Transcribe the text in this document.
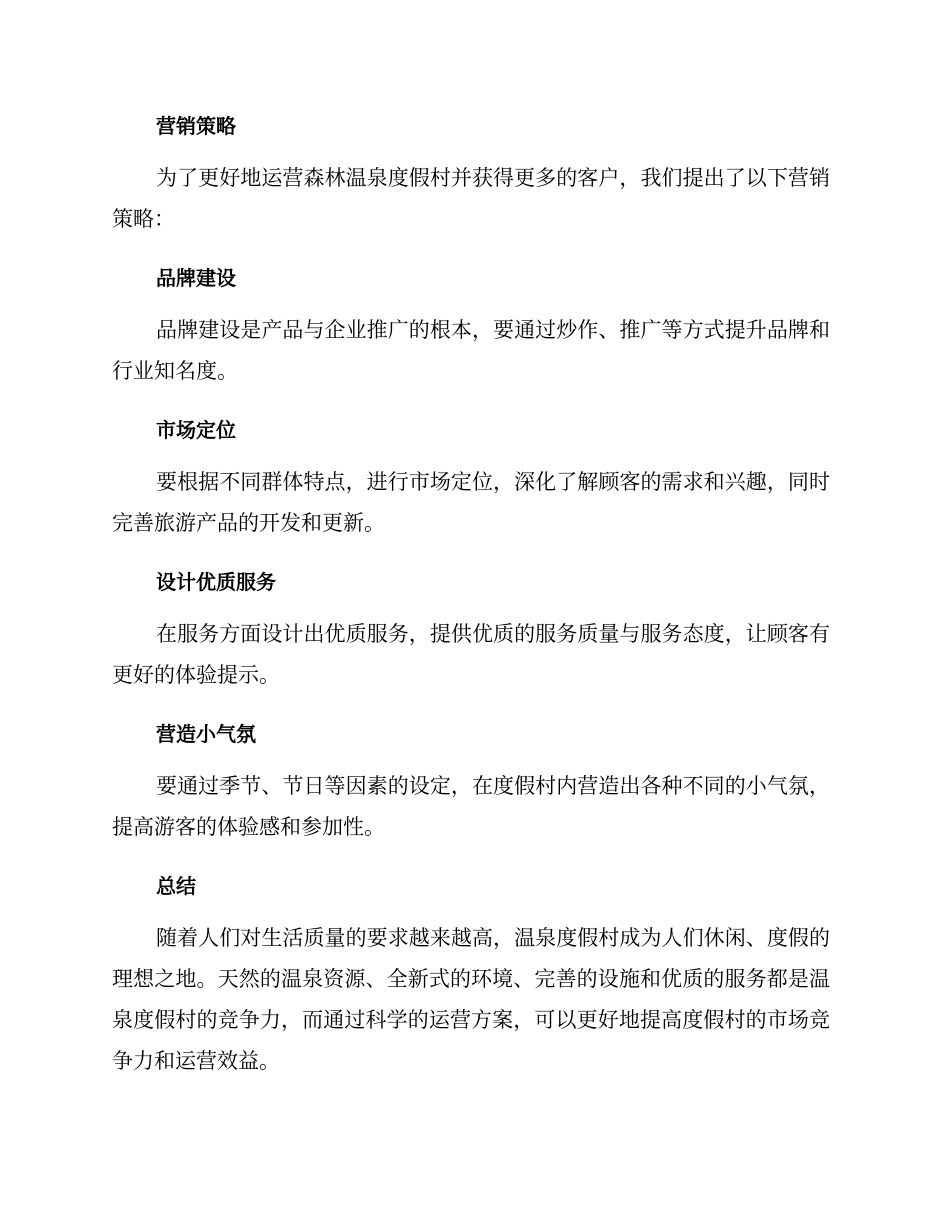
营销策略

为了更好地运营森林温泉度假村并获得更多的客户，我们提出了以下营销策略：

品牌建设

品牌建设是产品与企业推广的根本，要通过炒作、推广等方式提升品牌和行业知名度。

市场定位

要根据不同群体特点，进行市场定位，深化了解顾客的需求和兴趣，同时完善旅游产品的开发和更新。

设计优质服务

在服务方面设计出优质服务，提供优质的服务质量与服务态度，让顾客有更好的体验提示。

营造小气氛

要通过季节、节日等因素的设定，在度假村内营造出各种不同的小气氛，提高游客的体验感和参加性。

总结

随着人们对生活质量的要求越来越高，温泉度假村成为人们休闲、度假的理想之地。天然的温泉资源、全新式的环境、完善的设施和优质的服务都是温泉度假村的竞争力，而通过科学的运营方案，可以更好地提高度假村的市场竞争力和运营效益。
